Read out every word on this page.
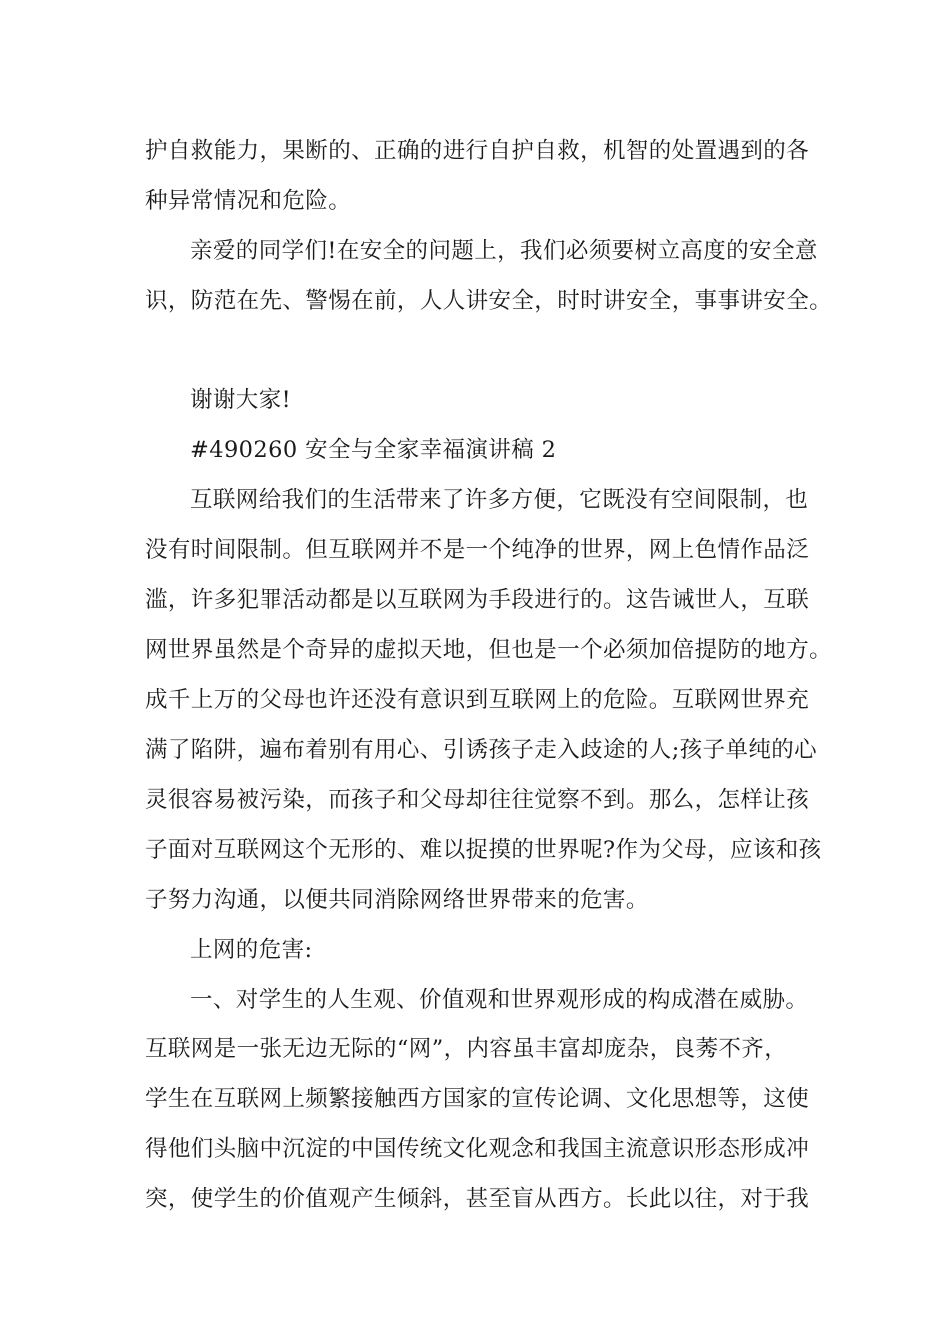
护自救能力，果断的、正确的进行自护自救，机智的处置遇到的各
种异常情况和危险。
亲爱的同学们!在安全的问题上，我们必须要树立高度的安全意
识，防范在先、警惕在前，人人讲安全，时时讲安全，事事讲安全。
谢谢大家!
#490260 安全与全家幸福演讲稿 2
互联网给我们的生活带来了许多方便，它既没有空间限制，也
没有时间限制。但互联网并不是一个纯净的世界，网上色情作品泛
滥，许多犯罪活动都是以互联网为手段进行的。这告诫世人，互联
网世界虽然是个奇异的虚拟天地，但也是一个必须加倍提防的地方。
成千上万的父母也许还没有意识到互联网上的危险。互联网世界充
满了陷阱，遍布着别有用心、引诱孩子走入歧途的人;孩子单纯的心
灵很容易被污染，而孩子和父母却往往觉察不到。那么，怎样让孩
子面对互联网这个无形的、难以捉摸的世界呢?作为父母，应该和孩
子努力沟通，以便共同消除网络世界带来的危害。
上网的危害:
一、对学生的人生观、价值观和世界观形成的构成潜在威胁。
互联网是一张无边无际的“网”，内容虽丰富却庞杂，良莠不齐，
学生在互联网上频繁接触西方国家的宣传论调、文化思想等，这使
得他们头脑中沉淀的中国传统文化观念和我国主流意识形态形成冲
突，使学生的价值观产生倾斜，甚至盲从西方。长此以往，对于我
